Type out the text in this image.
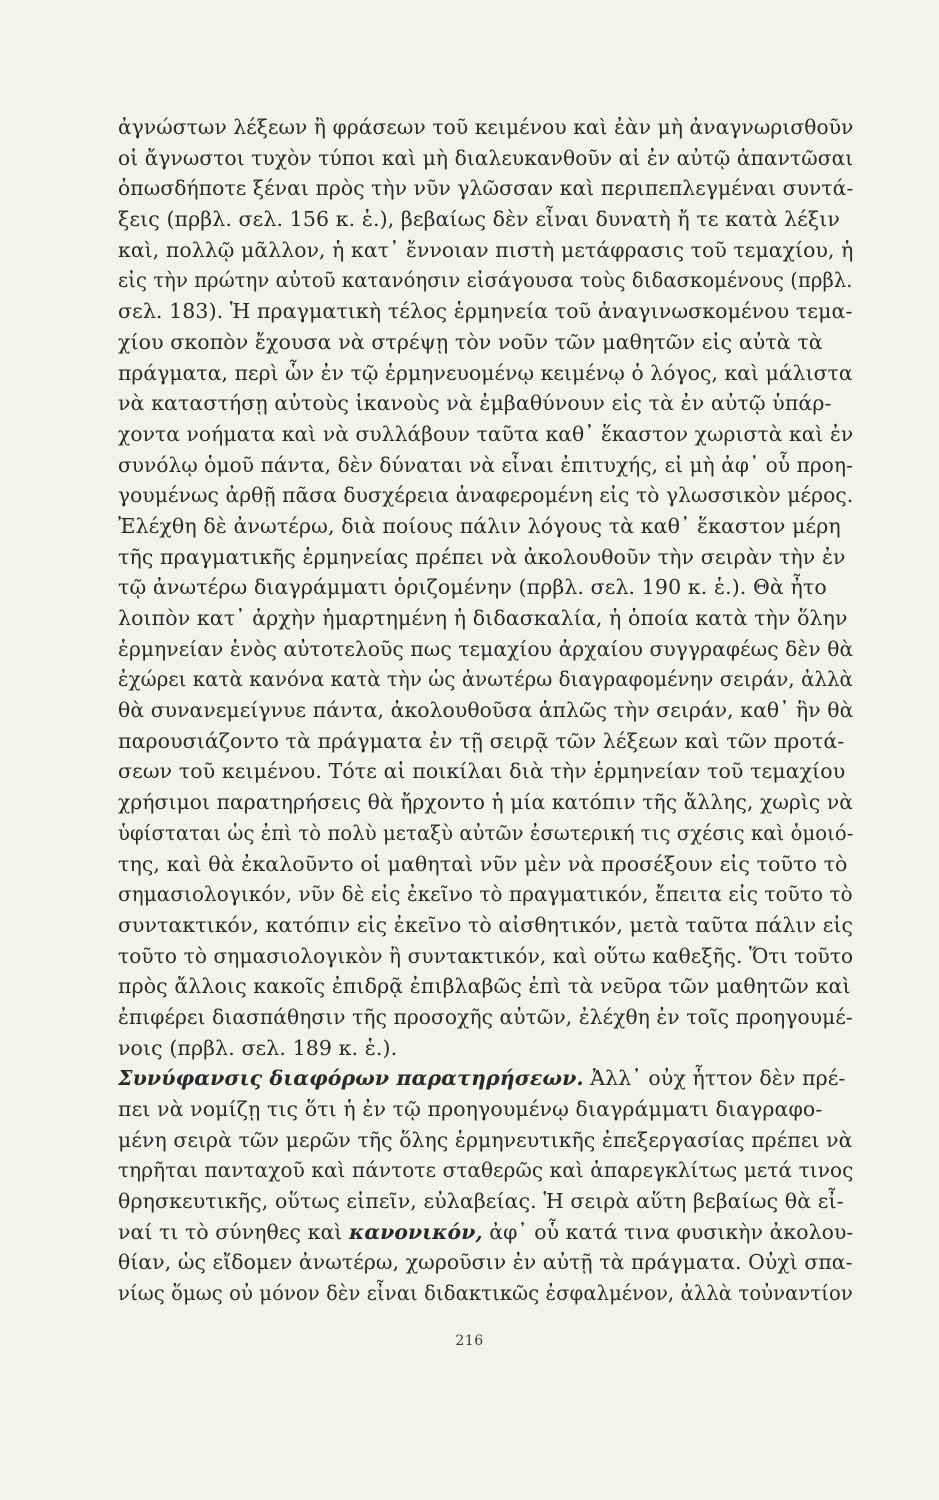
ἀγνώστων λέξεων ἢ φράσεων τοῦ κειμένου καὶ ἐὰν μὴ ἀναγνωρισθοῦν
οἱ ἄγνωστοι τυχὸν τύποι καὶ μὴ διαλευκανθοῦν αἱ ἐν αὐτῷ ἀπαντῶσαι
ὁπωσδήποτε ξέναι πρὸς τὴν νῦν γλῶσσαν καὶ περιπεπλεγμέναι συντά-
ξεις (πρβλ. σελ. 156 κ. ἑ.), βεβαίως δὲν εἶναι δυνατὴ ἤ τε κατὰ λέξιν
καὶ, πολλῷ μᾶλλον, ἡ κατ᾽ ἔννοιαν πιστὴ μετάφρασις τοῦ τεμαχίου, ἡ
εἰς τὴν πρώτην αὐτοῦ κατανόησιν εἰσάγουσα τοὺς διδασκομένους (πρβλ.
σελ. 183). Ἡ πραγματικὴ τέλος ἑρμηνεία τοῦ ἀναγινωσκομένου τεμα-
χίου σκοπὸν ἔχουσα νὰ στρέψῃ τὸν νοῦν τῶν μαθητῶν εἰς αὐτὰ τὰ
πράγματα, περὶ ὧν ἐν τῷ ἑρμηνευομένῳ κειμένῳ ὁ λόγος, καὶ μάλιστα
νὰ καταστήσῃ αὐτοὺς ἱκανοὺς νὰ ἐμβαθύνουν εἰς τὰ ἐν αὐτῷ ὑπάρ-
χοντα νοήματα καὶ νὰ συλλάβουν ταῦτα καθ᾽ ἕκαστον χωριστὰ καὶ ἐν
συνόλῳ ὁμοῦ πάντα, δὲν δύναται νὰ εἶναι ἐπιτυχής, εἰ μὴ ἀφ᾽ οὗ προη-
γουμένως ἀρθῇ πᾶσα δυσχέρεια ἀναφερομένη εἰς τὸ γλωσσικὸν μέρος.
Ἐλέχθη δὲ ἀνωτέρω, διὰ ποίους πάλιν λόγους τὰ καθ᾽ ἕκαστον μέρη
τῆς πραγματικῆς ἑρμηνείας πρέπει νὰ ἀκολουθοῦν τὴν σειρὰν τὴν ἐν
τῷ ἀνωτέρω διαγράμματι ὁριζομένην (πρβλ. σελ. 190 κ. ἑ.). Θὰ ἦτο
λοιπὸν κατ᾽ ἀρχὴν ἡμαρτημένη ἡ διδασκαλία, ἡ ὁποία κατὰ τὴν ὅλην
ἑρμηνείαν ἑνὸς αὐτοτελοῦς πως τεμαχίου ἀρχαίου συγγραφέως δὲν θὰ
ἐχώρει κατὰ κανόνα κατὰ τὴν ὡς ἀνωτέρω διαγραφομένην σειράν, ἀλλὰ
θὰ συνανεμείγνυε πάντα, ἀκολουθοῦσα ἁπλῶς τὴν σειράν, καθ᾽ ἣν θὰ
παρουσιάζοντο τὰ πράγματα ἐν τῇ σειρᾷ τῶν λέξεων καὶ τῶν προτά-
σεων τοῦ κειμένου. Τότε αἱ ποικίλαι διὰ τὴν ἑρμηνείαν τοῦ τεμαχίου
χρήσιμοι παρατηρήσεις θὰ ἤρχοντο ἡ μία κατόπιν τῆς ἄλλης, χωρὶς νὰ
ὑφίσταται ὡς ἐπὶ τὸ πολὺ μεταξὺ αὐτῶν ἐσωτερική τις σχέσις καὶ ὁμοιό-
της, καὶ θὰ ἐκαλοῦντο οἱ μαθηταὶ νῦν μὲν νὰ προσέξουν εἰς τοῦτο τὸ
σημασιολογικόν, νῦν δὲ εἰς ἐκεῖνο τὸ πραγματικόν, ἔπειτα εἰς τοῦτο τὸ
συντακτικόν, κατόπιν εἰς ἐκεῖνο τὸ αἰσθητικόν, μετὰ ταῦτα πάλιν εἰς
τοῦτο τὸ σημασιολογικὸν ἢ συντακτικόν, καὶ οὕτω καθεξῆς. Ὅτι τοῦτο
πρὸς ἄλλοις κακοῖς ἐπιδρᾷ ἐπιβλαβῶς ἐπὶ τὰ νεῦρα τῶν μαθητῶν καὶ
ἐπιφέρει διασπάθησιν τῆς προσοχῆς αὐτῶν, ἐλέχθη ἐν τοῖς προηγουμέ-
νοις (πρβλ. σελ. 189 κ. ἑ.).
Συνύφανσις διαφόρων παρατηρήσεων. Ἀλλ᾽ οὐχ ἧττον δὲν πρέ-
πει νὰ νομίζῃ τις ὅτι ἡ ἐν τῷ προηγουμένῳ διαγράμματι διαγραφο-
μένη σειρὰ τῶν μερῶν τῆς ὅλης ἑρμηνευτικῆς ἐπεξεργασίας πρέπει νὰ
τηρῆται πανταχοῦ καὶ πάντοτε σταθερῶς καὶ ἀπαρεγκλίτως μετά τινος
θρησκευτικῆς, οὕτως εἰπεῖν, εὐλαβείας. Ἡ σειρὰ αὕτη βεβαίως θὰ εἶ-
ναί τι τὸ σύνηθες καὶ κανονικόν, ἀφ᾽ οὗ κατά τινα φυσικὴν ἀκολου-
θίαν, ὡς εἴδομεν ἀνωτέρω, χωροῦσιν ἐν αὐτῇ τὰ πράγματα. Οὐχὶ σπα-
νίως ὅμως οὐ μόνον δὲν εἶναι διδακτικῶς ἐσφαλμένον, ἀλλὰ τοὐναντίον
216
